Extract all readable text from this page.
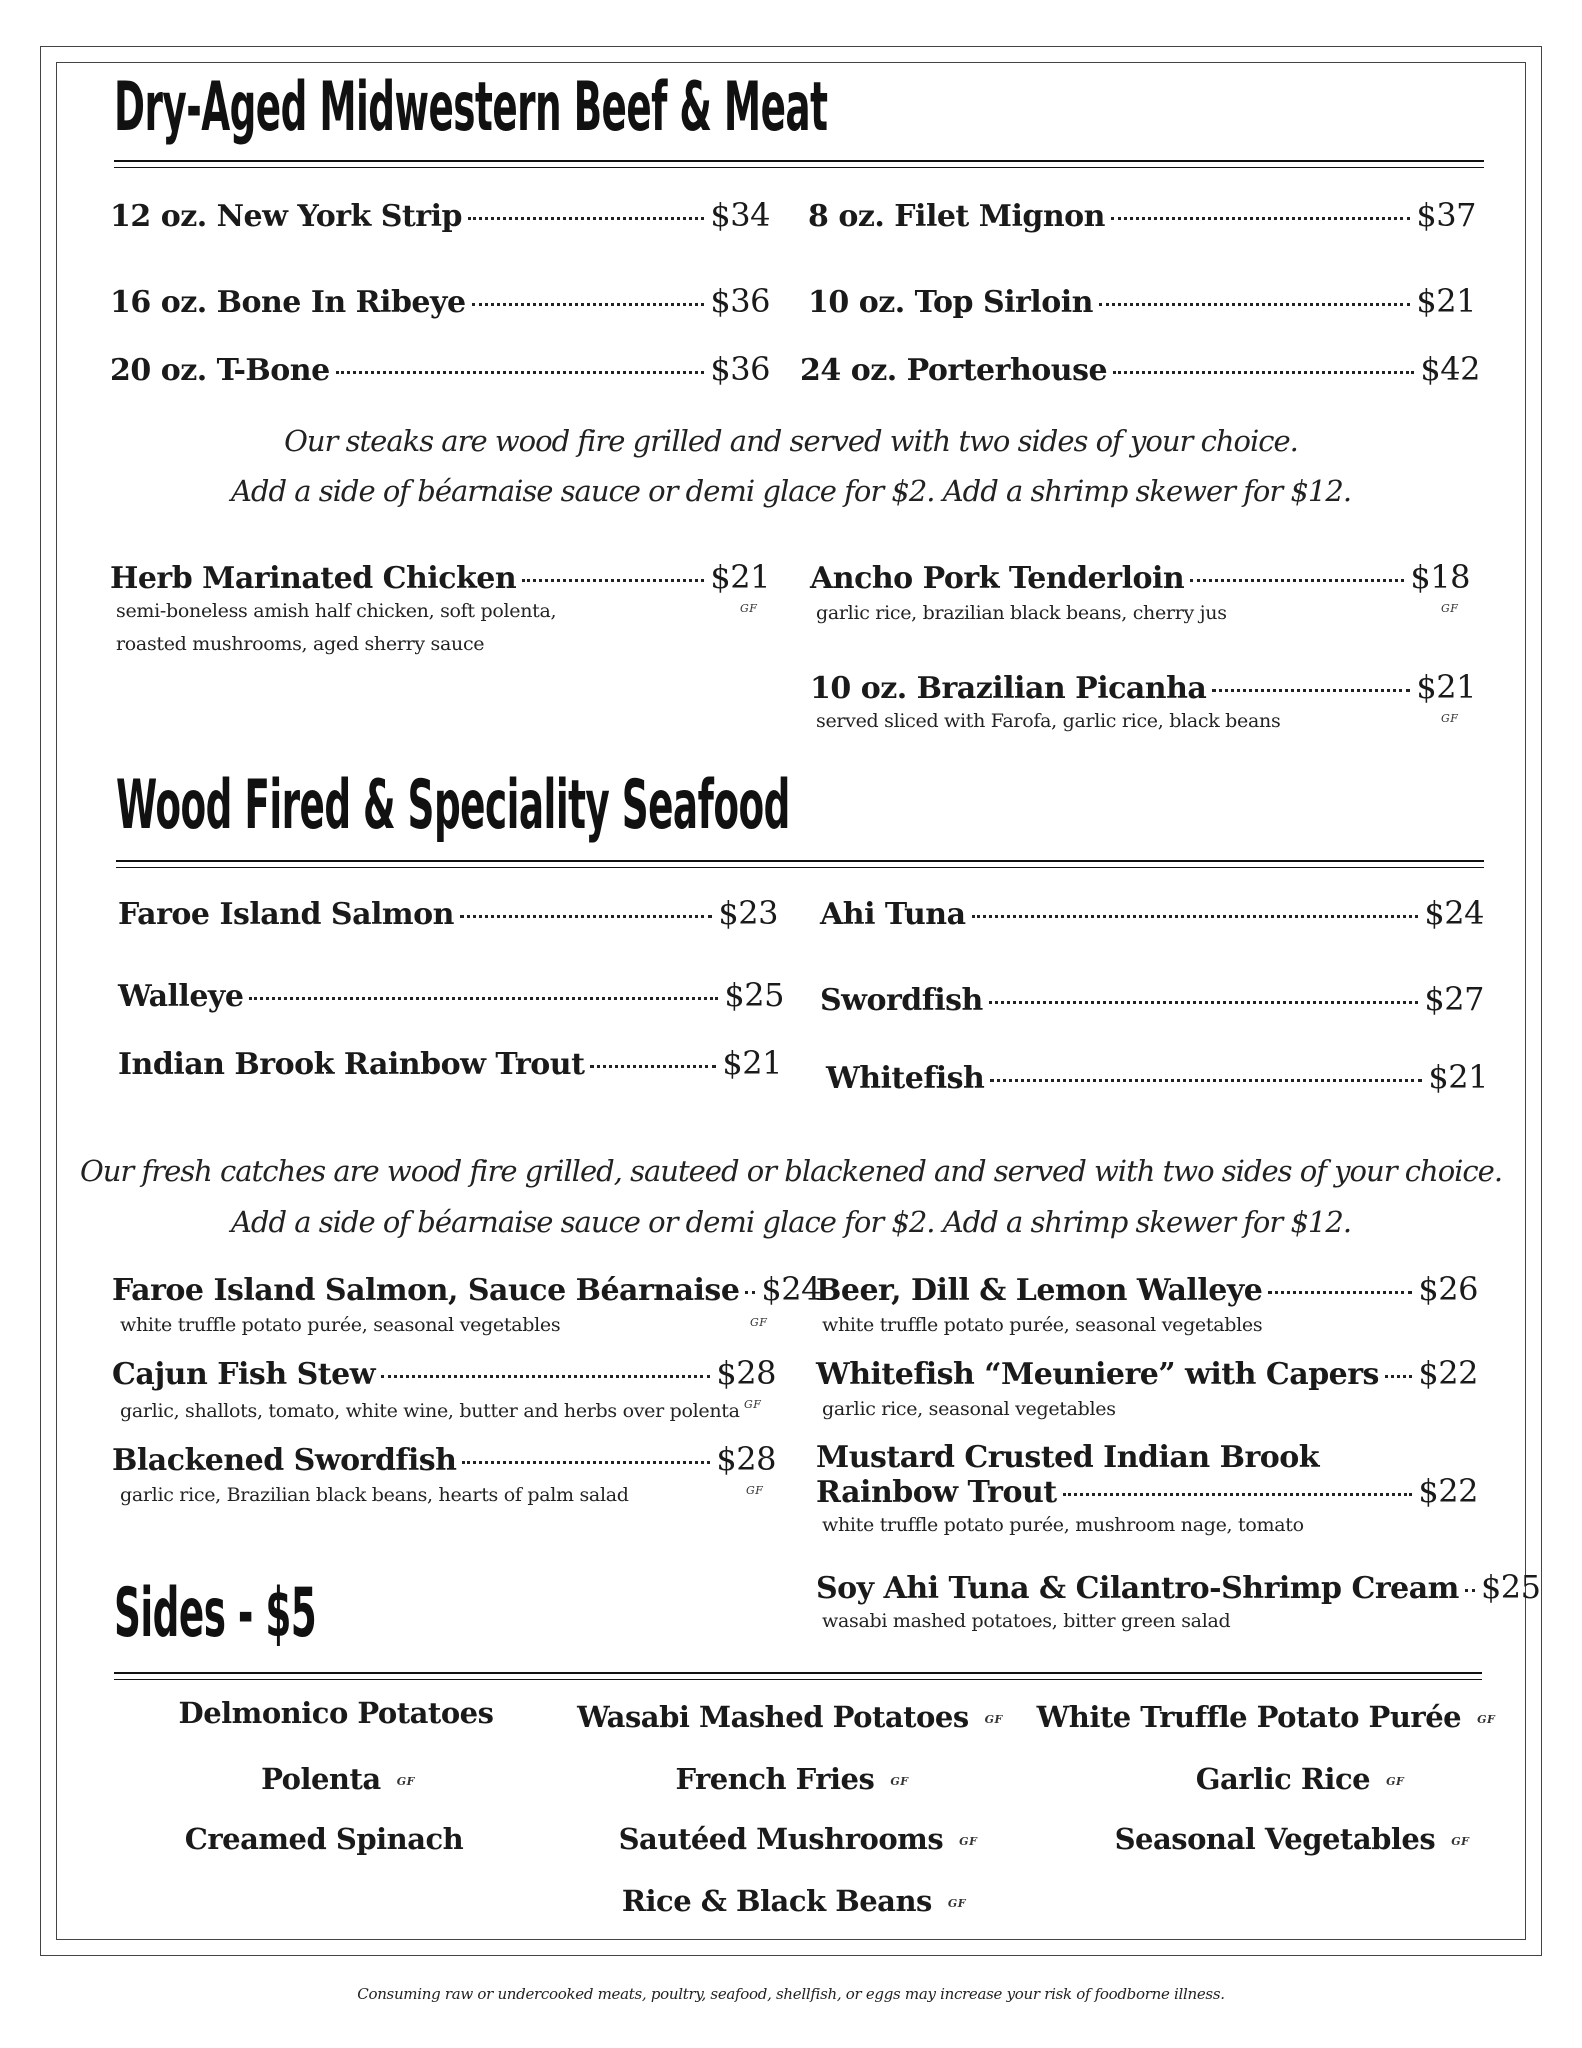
Dry-Aged Midwestern Beef & Meat
12 oz. New York Strip	$34 8 oz. Filet Mignon	$37
16 oz. Bone In Ribeye	$36 10 oz. Top Sirloin	$21
20 oz. T-Bone	$36 24 oz. Porterhouse	$42
Our steaks are wood fire grilled and served with two sides of your choice.
Add a side of béarnaise sauce or demi glace for $2. Add a shrimp skewer for $12.
Herb Marinated Chicken	$21
semi-boneless amish half chicken, soft polenta,
roasted mushrooms, aged sherry sauce
GF
Ancho Pork Tenderloin	$18
garlic rice, brazilian black beans, cherry jus	GF
10 oz. Brazilian Picanha	$21
served sliced with Farofa, garlic rice, black beans	GF
Wood Fired & Speciality Seafood
Faroe Island Salmon	$23 Ahi Tuna	$24
Walleye	$25 Swordfish	$27
Indian Brook Rainbow Trout	$21 Whitefish	$21
Our fresh catches are wood fire grilled, sauteed or blackened and served with two sides of your choice.
Add a side of béarnaise sauce or demi glace for $2. Add a shrimp skewer for $12.
Faroe Island Salmon, Sauce Béarnaise $24
white truffle potato purée, seasonal vegetables	GF
Cajun Fish Stew	$28
garlic, shallots, tomato, white wine, butter and herbs over polenta GF
Blackened Swordfish	$28
garlic rice, Brazilian black beans, hearts of palm salad	GF
Beer, Dill & Lemon Walleye	$26
white truffle potato purée, seasonal vegetables
Whitefish “Meuniere” with Capers $22
garlic rice, seasonal vegetables
Mustard Crusted Indian Brook
Rainbow Trout	$22
white truffle potato purée, mushroom nage, tomato
Soy Ahi Tuna & Cilantro-Shrimp Cream $25
wasabi mashed potatoes, bitter green salad
Sides - $5
Delmonico Potatoes	Wasabi Mashed Potatoes GF White Truffle Potato Purée GF
Polenta GF	French Fries GF	Garlic Rice GF
Creamed Spinach	Sautéed Mushrooms GF	Seasonal Vegetables GF
Rice & Black Beans GF
Consuming raw or undercooked meats, poultry, seafood, shellfish, or eggs may increase your risk of foodborne illness.
